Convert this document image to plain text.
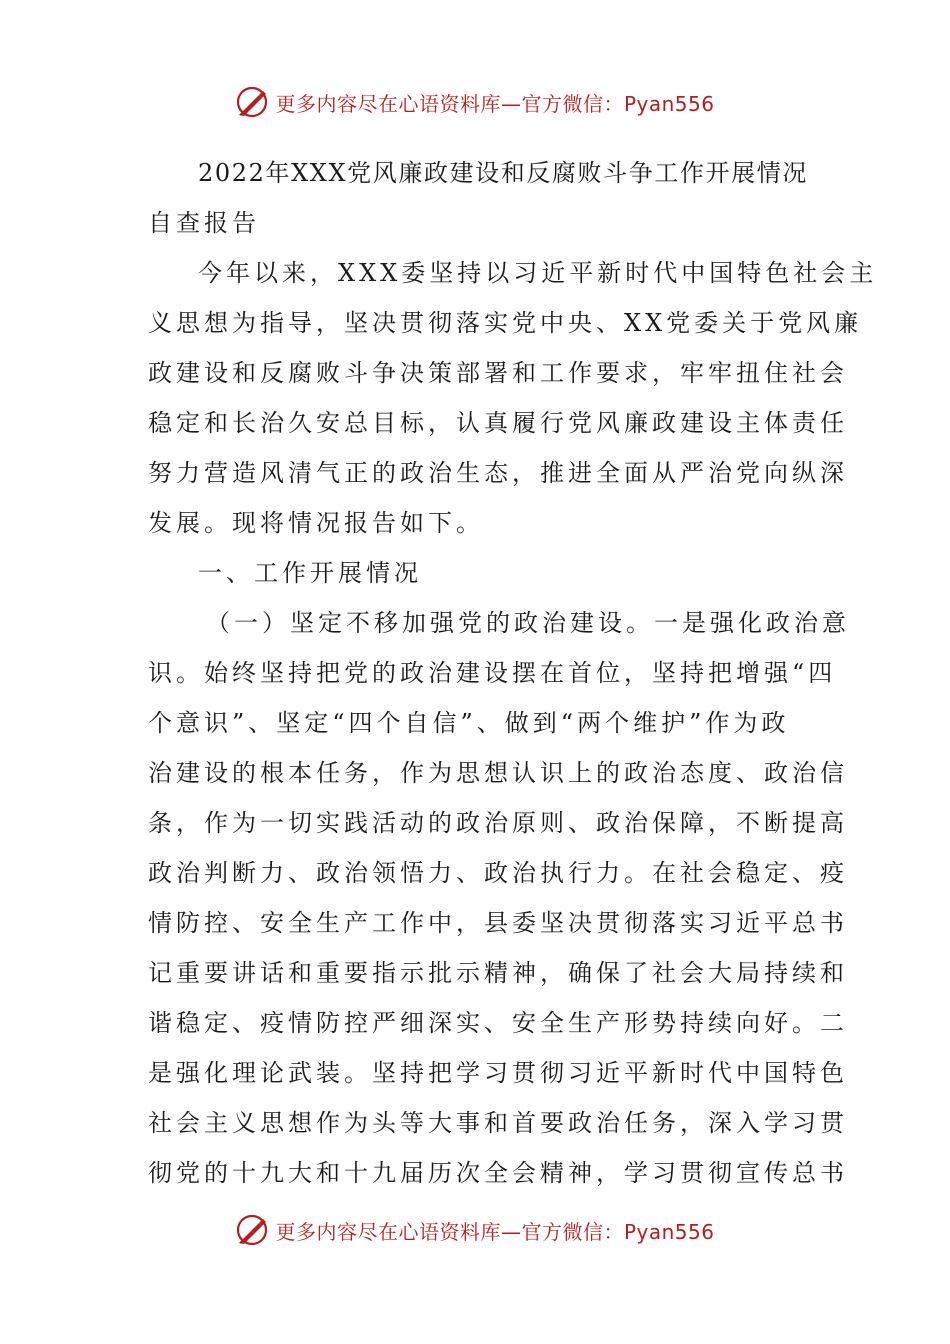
更多内容尽在心语资料库—官方微信：Pyan556
2022年XXX党风廉政建设和反腐败斗争工作开展情况
自查报告
今年以来，XXX委坚持以习近平新时代中国特色社会主
义思想为指导，坚决贯彻落实党中央、XX党委关于党风廉
政建设和反腐败斗争决策部署和工作要求，牢牢扭住社会
稳定和长治久安总目标，认真履行党风廉政建设主体责任
努力营造风清气正的政治生态，推进全面从严治党向纵深
发展。现将情况报告如下。
一、工作开展情况
（一）坚定不移加强党的政治建设。一是强化政治意
识。始终坚持把党的政治建设摆在首位，坚持把增强“四
个意识”、坚定“四个自信”、做到“两个维护”作为政
治建设的根本任务，作为思想认识上的政治态度、政治信
条，作为一切实践活动的政治原则、政治保障，不断提高
政治判断力、政治领悟力、政治执行力。在社会稳定、疫
情防控、安全生产工作中，县委坚决贯彻落实习近平总书
记重要讲话和重要指示批示精神，确保了社会大局持续和
谐稳定、疫情防控严细深实、安全生产形势持续向好。二
是强化理论武装。坚持把学习贯彻习近平新时代中国特色
社会主义思想作为头等大事和首要政治任务，深入学习贯
彻党的十九大和十九届历次全会精神，学习贯彻宣传总书
更多内容尽在心语资料库—官方微信：Pyan556
